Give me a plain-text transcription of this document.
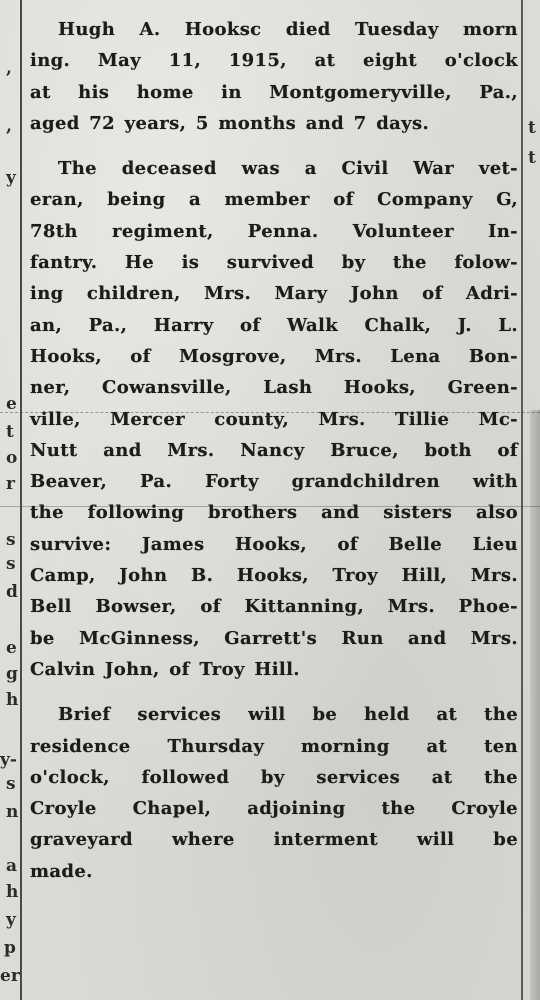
,
,
y
e
t
o
r
s
s
d
e
g
h
y-
s
n
a
h
y
p
er
t
t
Hugh A. Hooksc died Tuesday morn
ing. May 11, 1915, at eight o'clock
at his home in Montgomeryville, Pa.,
aged 72 years, 5 months and 7 days.
The deceased was a Civil War vet-
eran, being a member of Company G,
78th regiment, Penna. Volunteer In-
fantry. He is survived by the folow-
ing children, Mrs. Mary John of Adri-
an, Pa., Harry of Walk Chalk, J. L.
Hooks, of Mosgrove, Mrs. Lena Bon-
ner, Cowansville, Lash Hooks, Green-
ville, Mercer county, Mrs. Tillie Mc-
Nutt and Mrs. Nancy Bruce, both of
Beaver, Pa. Forty grandchildren with
the following brothers and sisters also
survive: James Hooks, of Belle Lieu
Camp, John B. Hooks, Troy Hill, Mrs.
Bell Bowser, of Kittanning, Mrs. Phoe-
be McGinness, Garrett's Run and Mrs.
Calvin John, of Troy Hill.
Brief services will be held at the
residence Thursday morning at ten
o'clock, followed by services at the
Croyle Chapel, adjoining the Croyle
graveyard where interment will be
made.
